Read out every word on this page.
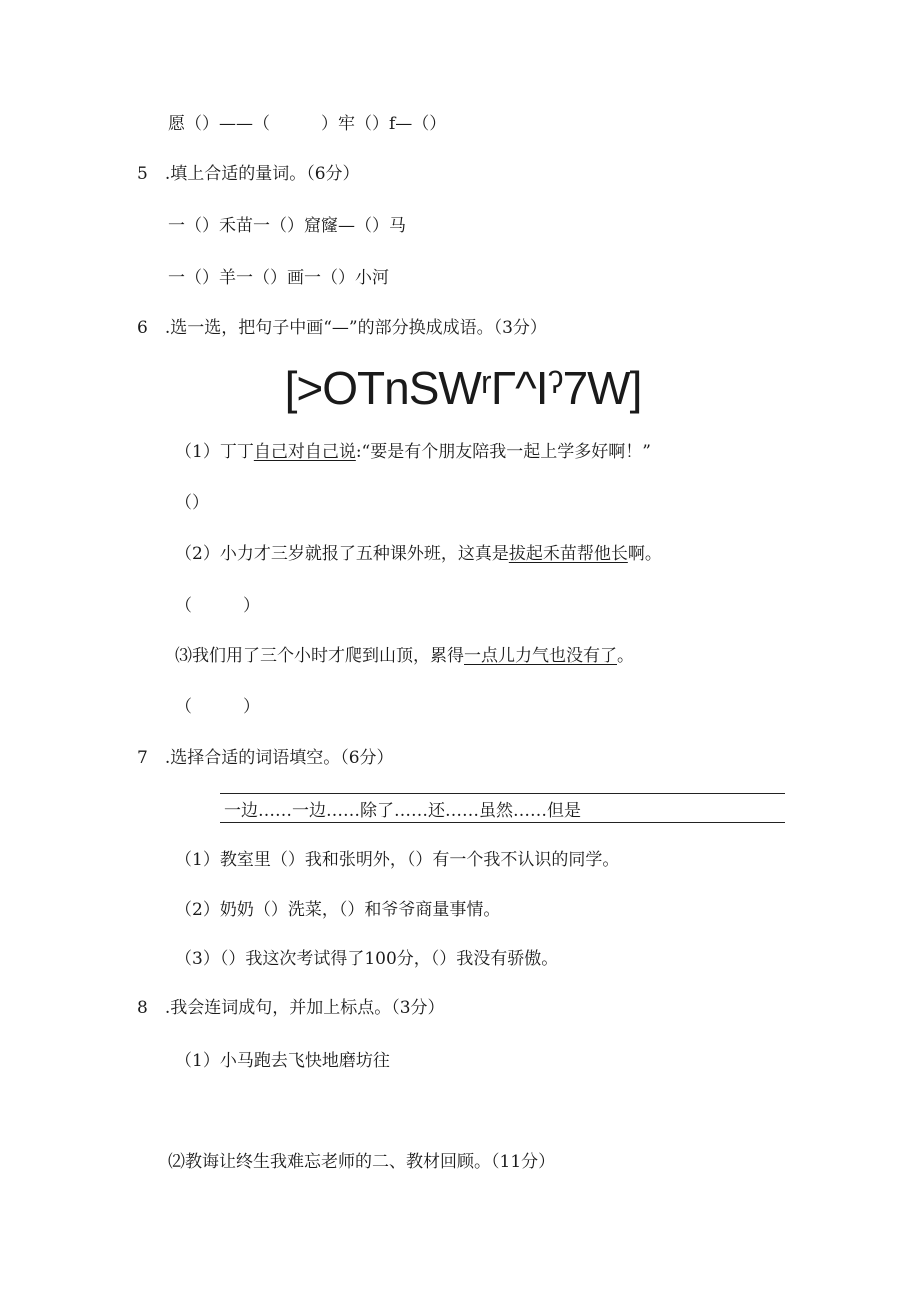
愿（）——（　　　）牢（）f—（）
5　.填上合适的量词。（6分）
一（）禾苗一（）窟窿—（）马
一（）羊一（）画一（）小河
6　.选一选，把句子中画“—”的部分换成成语。（3分）
[>OTnSWʳΓ^Iˀ7W]
（1）丁丁自己对自己说:“要是有个朋友陪我一起上学多好啊！”
（）
（2）小力才三岁就报了五种课外班，这真是拔起禾苗帮他长啊。
（　　　）
⑶我们用了三个小时才爬到山顶，累得一点儿力气也没有了。
（　　　）
7　.选择合适的词语填空。（6分）
一边……一边……除了……还……虽然……但是
（1）教室里（）我和张明外，（）有一个我不认识的同学。
（2）奶奶（）洗菜，（）和爷爷商量事情。
（3）（）我这次考试得了100分，（）我没有骄傲。
8　.我会连词成句，并加上标点。（3分）
（1）小马跑去飞快地磨坊往
⑵教诲让终生我难忘老师的二、教材回顾。（11分）
